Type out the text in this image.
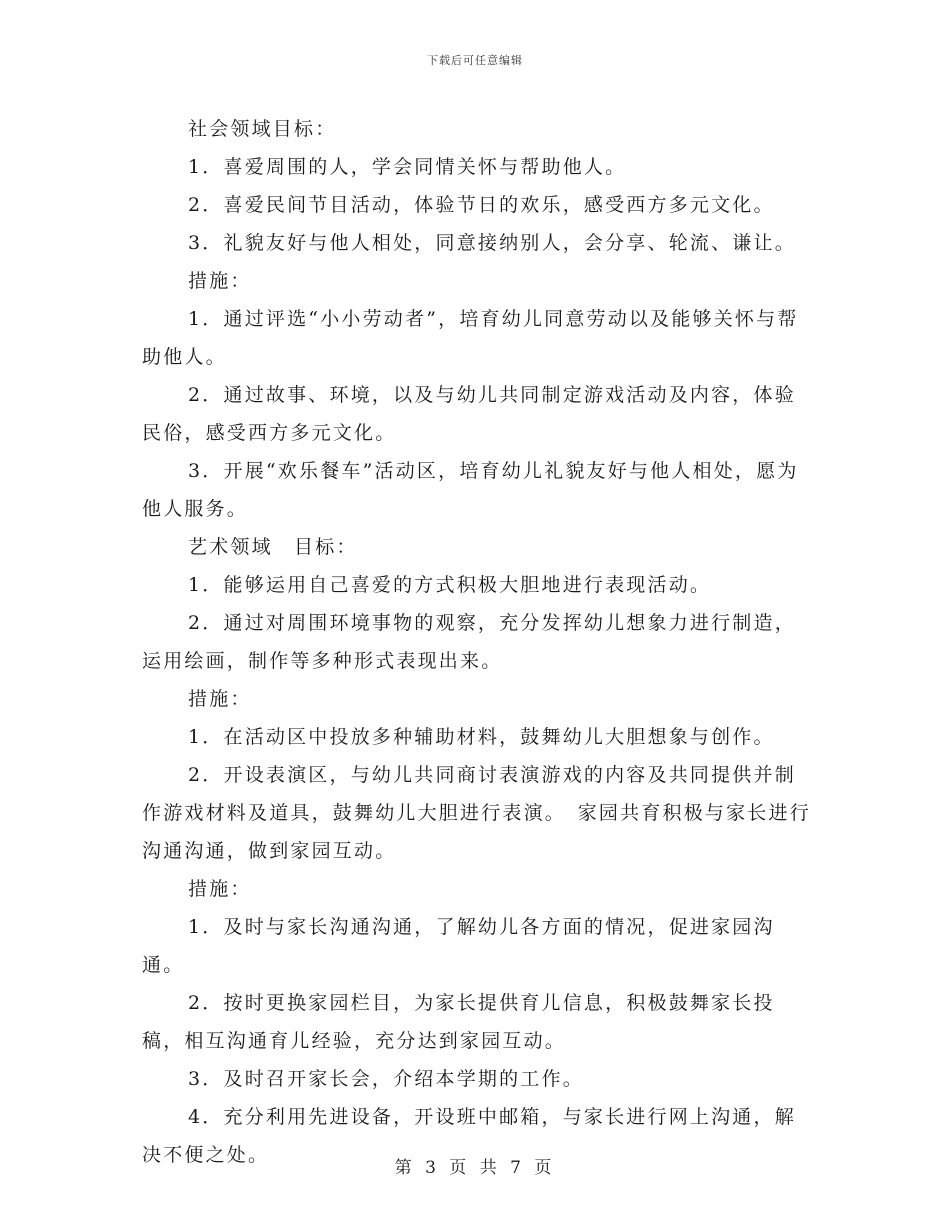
下载后可任意编辑

社会领域目标：

1．喜爱周围的人，学会同情关怀与帮助他人。

2．喜爱民间节目活动，体验节日的欢乐，感受西方多元文化。

3．礼貌友好与他人相处，同意接纳别人，会分享、轮流、谦让。

措施：

1．通过评选“小小劳动者”，培育幼儿同意劳动以及能够关怀与帮助他人。

2．通过故事、环境，以及与幼儿共同制定游戏活动及内容，体验民俗，感受西方多元文化。

3．开展“欢乐餐车”活动区，培育幼儿礼貌友好与他人相处，愿为他人服务。

艺术领域　目标：

1．能够运用自己喜爱的方式积极大胆地进行表现活动。

2．通过对周围环境事物的观察，充分发挥幼儿想象力进行制造，运用绘画，制作等多种形式表现出来。

措施：

1．在活动区中投放多种辅助材料，鼓舞幼儿大胆想象与创作。

2．开设表演区，与幼儿共同商讨表演游戏的内容及共同提供并制作游戏材料及道具，鼓舞幼儿大胆进行表演。　家园共育积极与家长进行沟通沟通，做到家园互动。

措施：

1．及时与家长沟通沟通，了解幼儿各方面的情况，促进家园沟通。

2．按时更换家园栏目，为家长提供育儿信息，积极鼓舞家长投稿，相互沟通育儿经验，充分达到家园互动。

3．及时召开家长会，介绍本学期的工作。

4．充分利用先进设备，开设班中邮箱，与家长进行网上沟通，解决不便之处。

第 3 页 共 7 页
